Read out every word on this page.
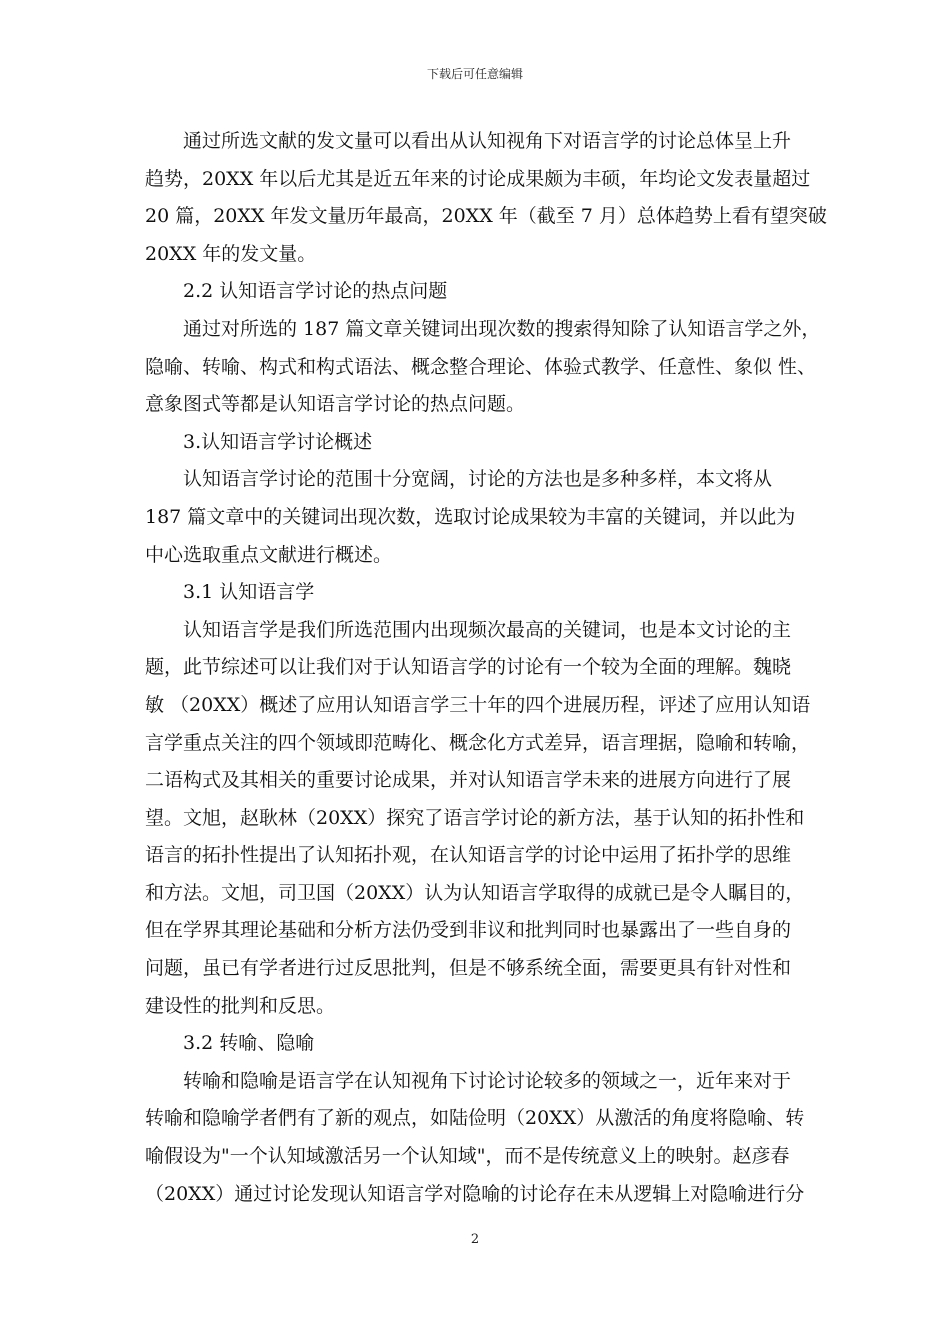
下载后可任意编辑
通过所选文献的发文量可以看出从认知视角下对语言学的讨论总体呈上升
趋势，20XX 年以后尤其是近五年来的讨论成果颇为丰硕，年均论文发表量超过
20 篇，20XX 年发文量历年最高，20XX 年（截至 7 月）总体趋势上看有望突破
20XX 年的发文量。
2.2 认知语言学讨论的热点问题
通过对所选的 187 篇文章关键词出现次数的搜索得知除了认知语言学之外，
隐喻、转喻、构式和构式语法、概念整合理论、体验式教学、任意性、象似 性、
意象图式等都是认知语言学讨论的热点问题。
3.认知语言学讨论概述
认知语言学讨论的范围十分宽阔，讨论的方法也是多种多样，本文将从
187 篇文章中的关键词出现次数，选取讨论成果较为丰富的关键词，并以此为
中心选取重点文献进行概述。
3.1 认知语言学
认知语言学是我们所选范围内出现频次最高的关键词，也是本文讨论的主
题，此节综述可以让我们对于认知语言学的讨论有一个较为全面的理解。魏晓
敏 （20XX）概述了应用认知语言学三十年的四个进展历程，评述了应用认知语
言学重点关注的四个领域即范畴化、概念化方式差异，语言理据，隐喻和转喻，
二语构式及其相关的重要讨论成果，并对认知语言学未来的进展方向进行了展
望。文旭，赵耿林（20XX）探究了语言学讨论的新方法，基于认知的拓扑性和
语言的拓扑性提出了认知拓扑观，在认知语言学的讨论中运用了拓扑学的思维
和方法。文旭，司卫国（20XX）认为认知语言学取得的成就已是令人瞩目的，
但在学界其理论基础和分析方法仍受到非议和批判同时也暴露出了一些自身的
问题，虽已有学者进行过反思批判，但是不够系统全面，需要更具有针对性和
建设性的批判和反思。
3.2 转喻、隐喻
转喻和隐喻是语言学在认知视角下讨论讨论较多的领域之一，近年来对于
转喻和隐喻学者們有了新的观点，如陆俭明（20XX）从激活的角度将隐喻、转
喻假设为"一个认知域激活另一个认知域"，而不是传统意义上的映射。赵彦春
（20XX）通过讨论发现认知语言学对隐喻的讨论存在未从逻辑上对隐喻进行分
2
